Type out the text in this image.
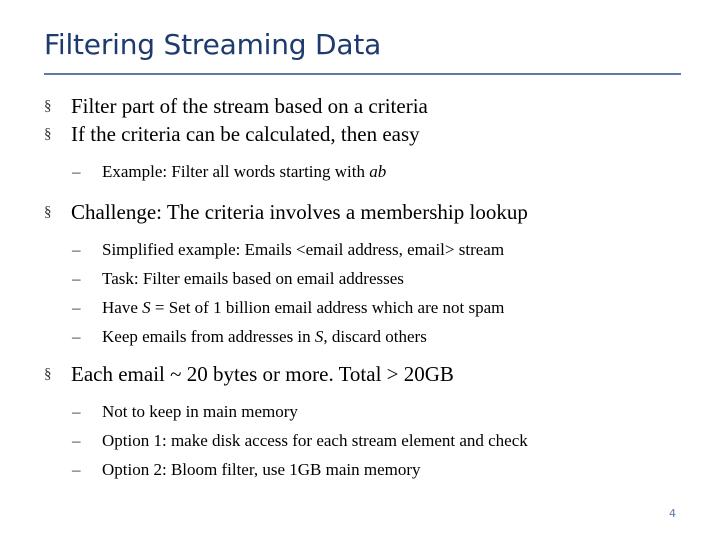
Filtering Streaming Data
§ Filter part of the stream based on a criteria
§ If the criteria can be calculated, then easy
– Example: Filter all words starting with ab
§ Challenge: The criteria involves a membership lookup
– Simplified example: Emails <email address, email> stream
– Task: Filter emails based on email addresses
– Have S = Set of 1 billion email address which are not spam
– Keep emails from addresses in S, discard others
§ Each email ~ 20 bytes or more. Total > 20GB
– Not to keep in main memory
– Option 1: make disk access for each stream element and check
– Option 2: Bloom filter, use 1GB main memory
4
